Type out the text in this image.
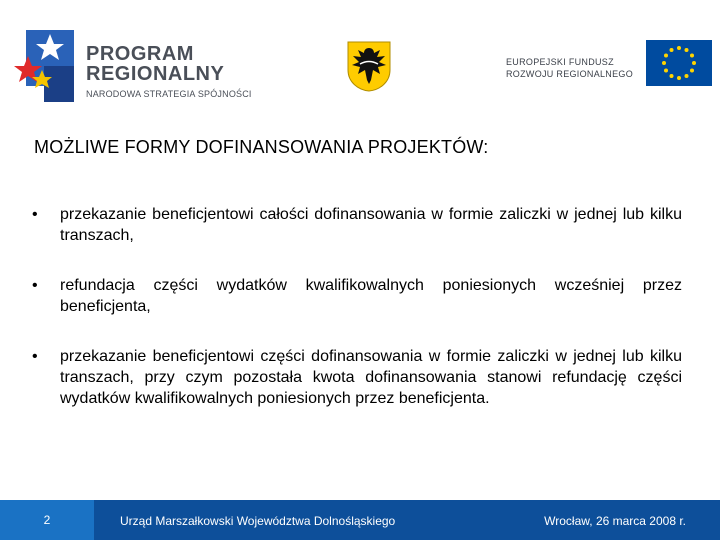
PROGRAM
REGIONALNY
NARODOWA STRATEGIA SPÓJNOŚCI
EUROPEJSKI FUNDUSZ
ROZWOJU REGIONALNEGO
MOŻLIWE FORMY DOFINANSOWANIA PROJEKTÓW:
• przekazanie beneficjentowi całości dofinansowania w formie zaliczki w jednej lub kilku transzach,
• refundacja części wydatków kwalifikowalnych poniesionych wcześniej przez beneficjenta,
• przekazanie beneficjentowi części dofinansowania w formie zaliczki w jednej lub kilku transzach, przy czym pozostała kwota dofinansowania stanowi refundację części wydatków kwalifikowalnych poniesionych przez beneficjenta.
2	Urząd Marszałkowski Województwa Dolnośląskiego	Wrocław, 26 marca 2008 r.
